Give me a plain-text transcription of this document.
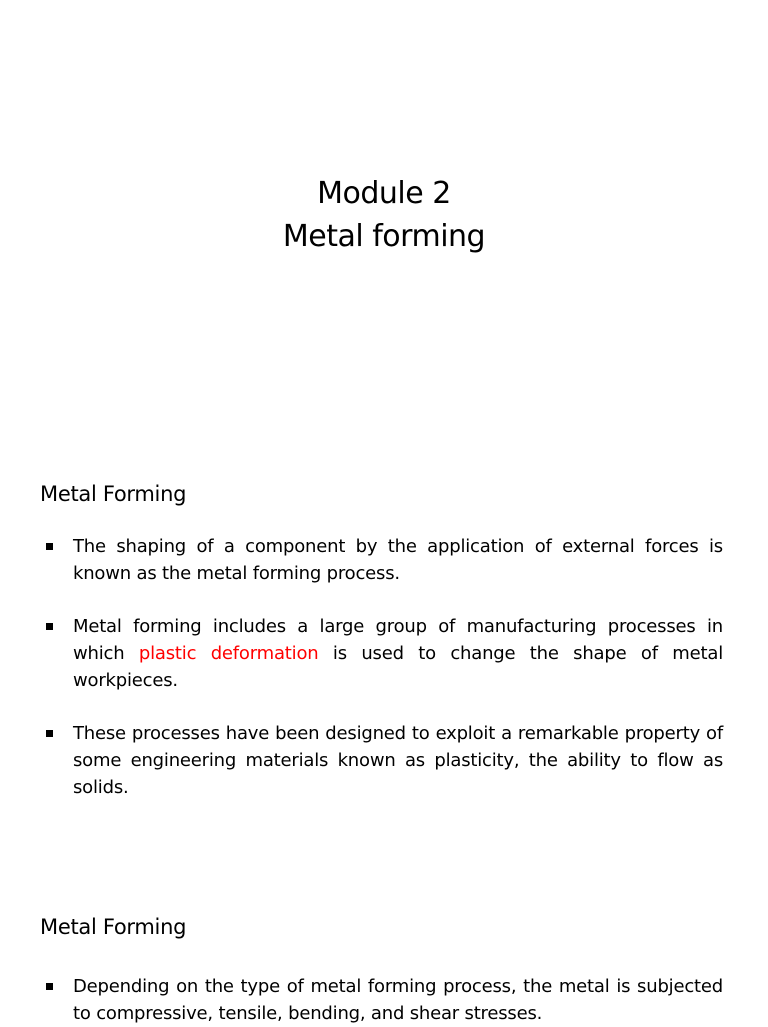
Module 2
Metal forming
Metal Forming
The shaping of a component by the application of external forces is known as the metal forming process.
Metal forming includes a large group of manufacturing processes in which plastic deformation is used to change the shape of metal workpieces.
These processes have been designed to exploit a remarkable property of some engineering materials known as plasticity, the ability to flow as solids.
Metal Forming
Depending on the type of metal forming process, the metal is subjected to compressive, tensile, bending, and shear stresses.
